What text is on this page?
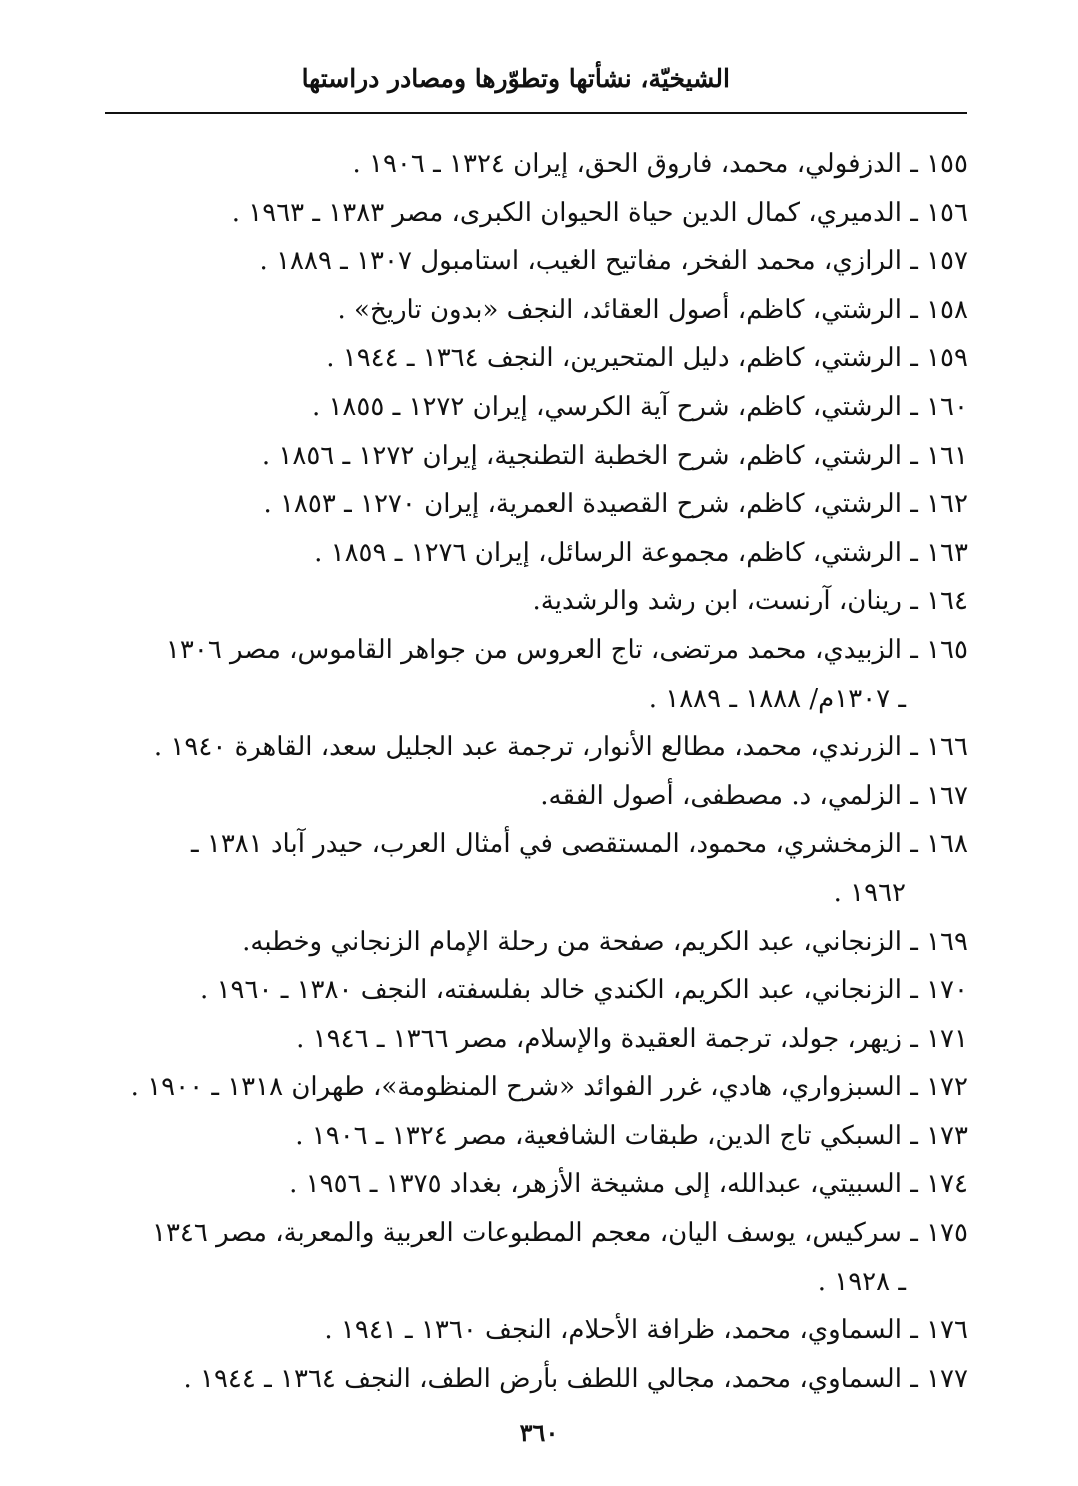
الشيخيّة، نشأتها وتطوّرها ومصادر دراستها
١٥٥ ـ الدزفولي، محمد، فاروق الحق، إيران ١٣٢٤ ـ ١٩٠٦ .
١٥٦ ـ الدميري، كمال الدين حياة الحيوان الكبرى، مصر ١٣٨٣ ـ ١٩٦٣ .
١٥٧ ـ الرازي، محمد الفخر، مفاتيح الغيب، استامبول ١٣٠٧ ـ ١٨٨٩ .
١٥٨ ـ الرشتي، كاظم، أصول العقائد، النجف «بدون تاريخ» .
١٥٩ ـ الرشتي، كاظم، دليل المتحيرين، النجف ١٣٦٤ ـ ١٩٤٤ .
١٦٠ ـ الرشتي، كاظم، شرح آية الكرسي، إيران ١٢٧٢ ـ ١٨٥٥ .
١٦١ ـ الرشتي، كاظم، شرح الخطبة التطنجية، إيران ١٢٧٢ ـ ١٨٥٦ .
١٦٢ ـ الرشتي، كاظم، شرح القصيدة العمرية، إيران ١٢٧٠ ـ ١٨٥٣ .
١٦٣ ـ الرشتي، كاظم، مجموعة الرسائل، إيران ١٢٧٦ ـ ١٨٥٩ .
١٦٤ ـ رينان، آرنست، ابن رشد والرشدية.
١٦٥ ـ الزبيدي، محمد مرتضى، تاج العروس من جواهر القاموس، مصر ١٣٠٦
ـ ١٣٠٧م/ ١٨٨٨ ـ ١٨٨٩ .
١٦٦ ـ الزرندي، محمد، مطالع الأنوار، ترجمة عبد الجليل سعد، القاهرة ١٩٤٠ .
١٦٧ ـ الزلمي، د. مصطفى، أصول الفقه.
١٦٨ ـ الزمخشري، محمود، المستقصى في أمثال العرب، حيدر آباد ١٣٨١ ـ
١٩٦٢ .
١٦٩ ـ الزنجاني، عبد الكريم، صفحة من رحلة الإمام الزنجاني وخطبه.
١٧٠ ـ الزنجاني، عبد الكريم، الكندي خالد بفلسفته، النجف ١٣٨٠ ـ ١٩٦٠ .
١٧١ ـ زيهر، جولد، ترجمة العقيدة والإسلام، مصر ١٣٦٦ ـ ١٩٤٦ .
١٧٢ ـ السبزواري، هادي، غرر الفوائد «شرح المنظومة»، طهران ١٣١٨ ـ ١٩٠٠ .
١٧٣ ـ السبكي تاج الدين، طبقات الشافعية، مصر ١٣٢٤ ـ ١٩٠٦ .
١٧٤ ـ السبيتي، عبدالله، إلى مشيخة الأزهر، بغداد ١٣٧٥ ـ ١٩٥٦ .
١٧٥ ـ سركيس، يوسف اليان، معجم المطبوعات العربية والمعربة، مصر ١٣٤٦
ـ ١٩٢٨ .
١٧٦ ـ السماوي، محمد، ظرافة الأحلام، النجف ١٣٦٠ ـ ١٩٤١ .
١٧٧ ـ السماوي، محمد، مجالي اللطف بأرض الطف، النجف ١٣٦٤ ـ ١٩٤٤ .
٣٦٠
